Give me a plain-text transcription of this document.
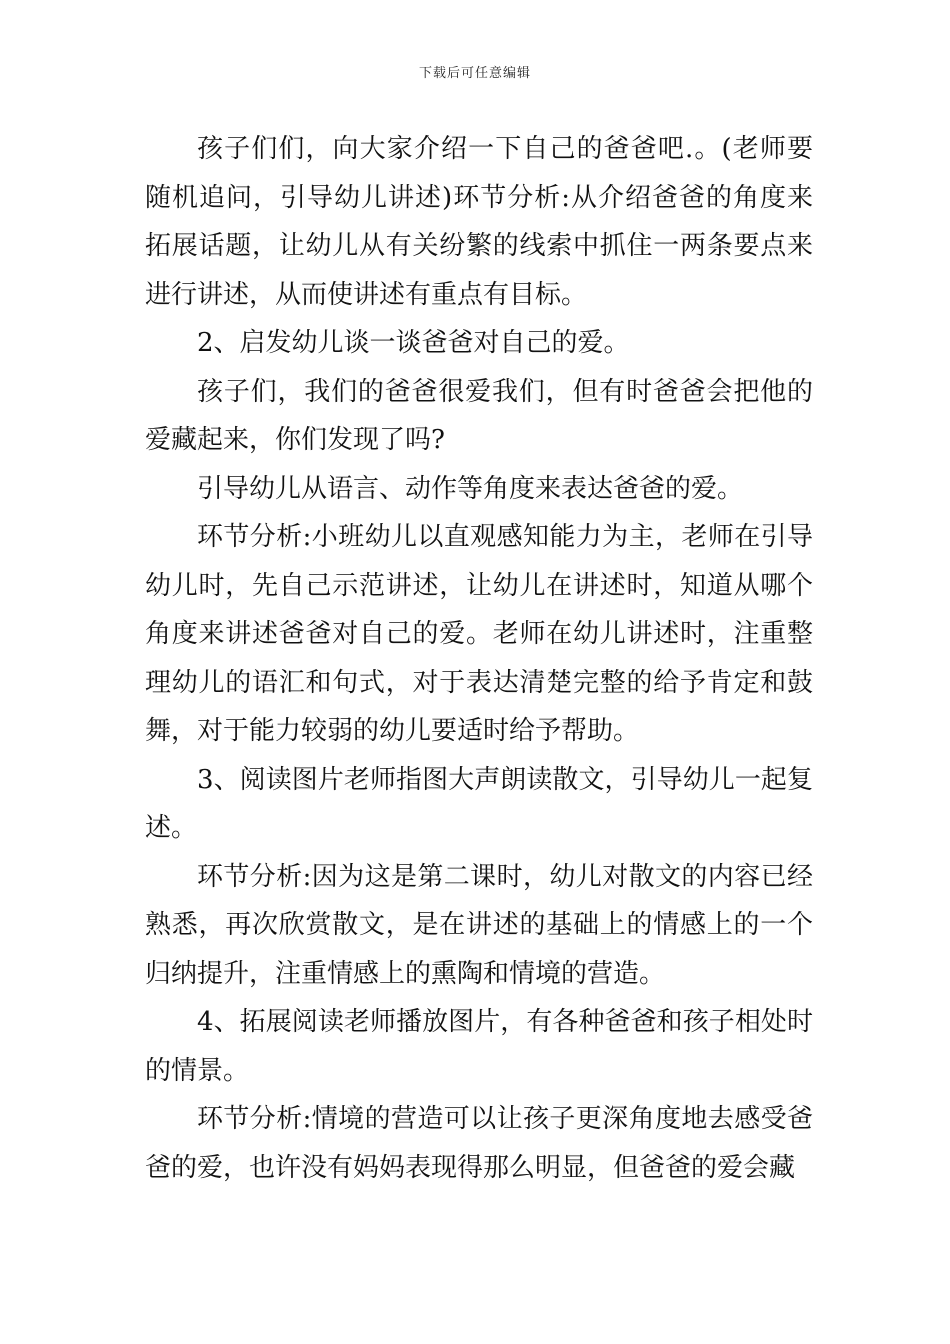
下载后可任意编辑

孩子们们，向大家介绍一下自己的爸爸吧.。(老师要随机追问，引导幼儿讲述)环节分析:从介绍爸爸的角度来拓展话题，让幼儿从有关纷繁的线索中抓住一两条要点来进行讲述，从而使讲述有重点有目标。

2、启发幼儿谈一谈爸爸对自己的爱。

孩子们，我们的爸爸很爱我们，但有时爸爸会把他的爱藏起来，你们发现了吗?

引导幼儿从语言、动作等角度来表达爸爸的爱。

环节分析:小班幼儿以直观感知能力为主，老师在引导幼儿时，先自己示范讲述，让幼儿在讲述时，知道从哪个角度来讲述爸爸对自己的爱。老师在幼儿讲述时，注重整理幼儿的语汇和句式，对于表达清楚完整的给予肯定和鼓舞，对于能力较弱的幼儿要适时给予帮助。

3、阅读图片老师指图大声朗读散文，引导幼儿一起复述。

环节分析:因为这是第二课时，幼儿对散文的内容已经熟悉，再次欣赏散文，是在讲述的基础上的情感上的一个归纳提升，注重情感上的熏陶和情境的营造。

4、拓展阅读老师播放图片，有各种爸爸和孩子相处时的情景。

环节分析:情境的营造可以让孩子更深角度地去感受爸爸的爱，也许没有妈妈表现得那么明显，但爸爸的爱会藏
